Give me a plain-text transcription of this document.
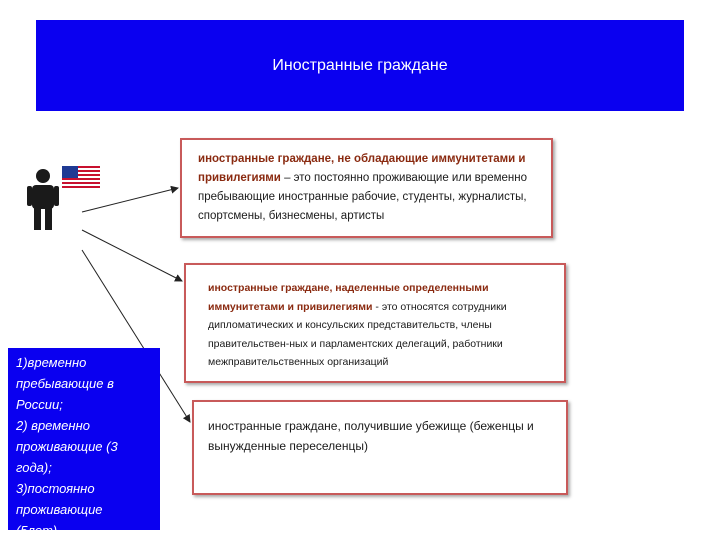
Иностранные граждане
иностранные граждане, не обладающие иммунитетами и привилегиями – это постоянно проживающие или временно пребывающие иностранные рабочие, студенты, журналисты, спортсмены, бизнесмены, артисты
иностранные граждане, наделенные определенными иммунитетами и привилегиями - это относятся сотрудники дипломатических и консульских представительств, члены правительствен-ных и парламентских делегаций, работники межправительственных организаций
иностранные граждане, получившие убежище (беженцы и вынужденные переселенцы)
1)временно
пребывающие в
России;
2) временно
проживающие (3
года);
3)постоянно
проживающие
(5лет)
